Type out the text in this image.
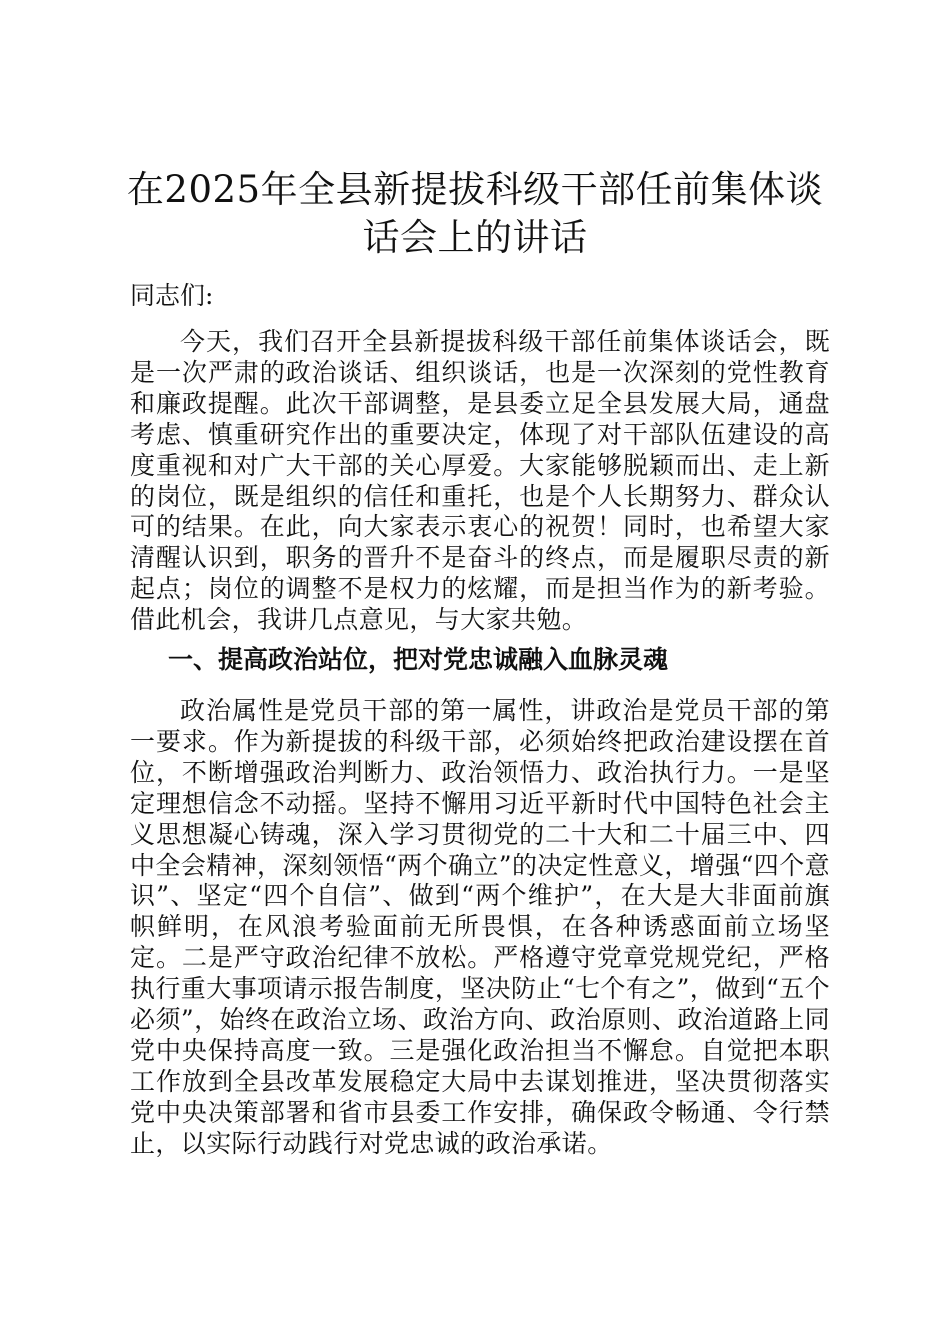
在2025年全县新提拔科级干部任前集体谈话会上的讲话

同志们:

今天，我们召开全县新提拔科级干部任前集体谈话会，既是一次严肃的政治谈话、组织谈话，也是一次深刻的党性教育和廉政提醒。此次干部调整，是县委立足全县发展大局，通盘考虑、慎重研究作出的重要决定，体现了对干部队伍建设的高度重视和对广大干部的关心厚爱。大家能够脱颖而出、走上新的岗位，既是组织的信任和重托，也是个人长期努力、群众认可的结果。在此，向大家表示衷心的祝贺！同时，也希望大家清醒认识到，职务的晋升不是奋斗的终点，而是履职尽责的新起点；岗位的调整不是权力的炫耀，而是担当作为的新考验。借此机会，我讲几点意见，与大家共勉。

一、提高政治站位，把对党忠诚融入血脉灵魂

政治属性是党员干部的第一属性，讲政治是党员干部的第一要求。作为新提拔的科级干部，必须始终把政治建设摆在首位，不断增强政治判断力、政治领悟力、政治执行力。一是坚定理想信念不动摇。坚持不懈用习近平新时代中国特色社会主义思想凝心铸魂，深入学习贯彻党的二十大和二十届三中、四中全会精神，深刻领悟“两个确立”的决定性意义，增强“四个意识”、坚定“四个自信”、做到“两个维护”，在大是大非面前旗帜鲜明，在风浪考验面前无所畏惧，在各种诱惑面前立场坚定。二是严守政治纪律不放松。严格遵守党章党规党纪，严格执行重大事项请示报告制度，坚决防止“七个有之”，做到“五个必须”，始终在政治立场、政治方向、政治原则、政治道路上同党中央保持高度一致。三是强化政治担当不懈怠。自觉把本职工作放到全县改革发展稳定大局中去谋划推进，坚决贯彻落实党中央决策部署和省市县委工作安排，确保政令畅通、令行禁止，以实际行动践行对党忠诚的政治承诺。
